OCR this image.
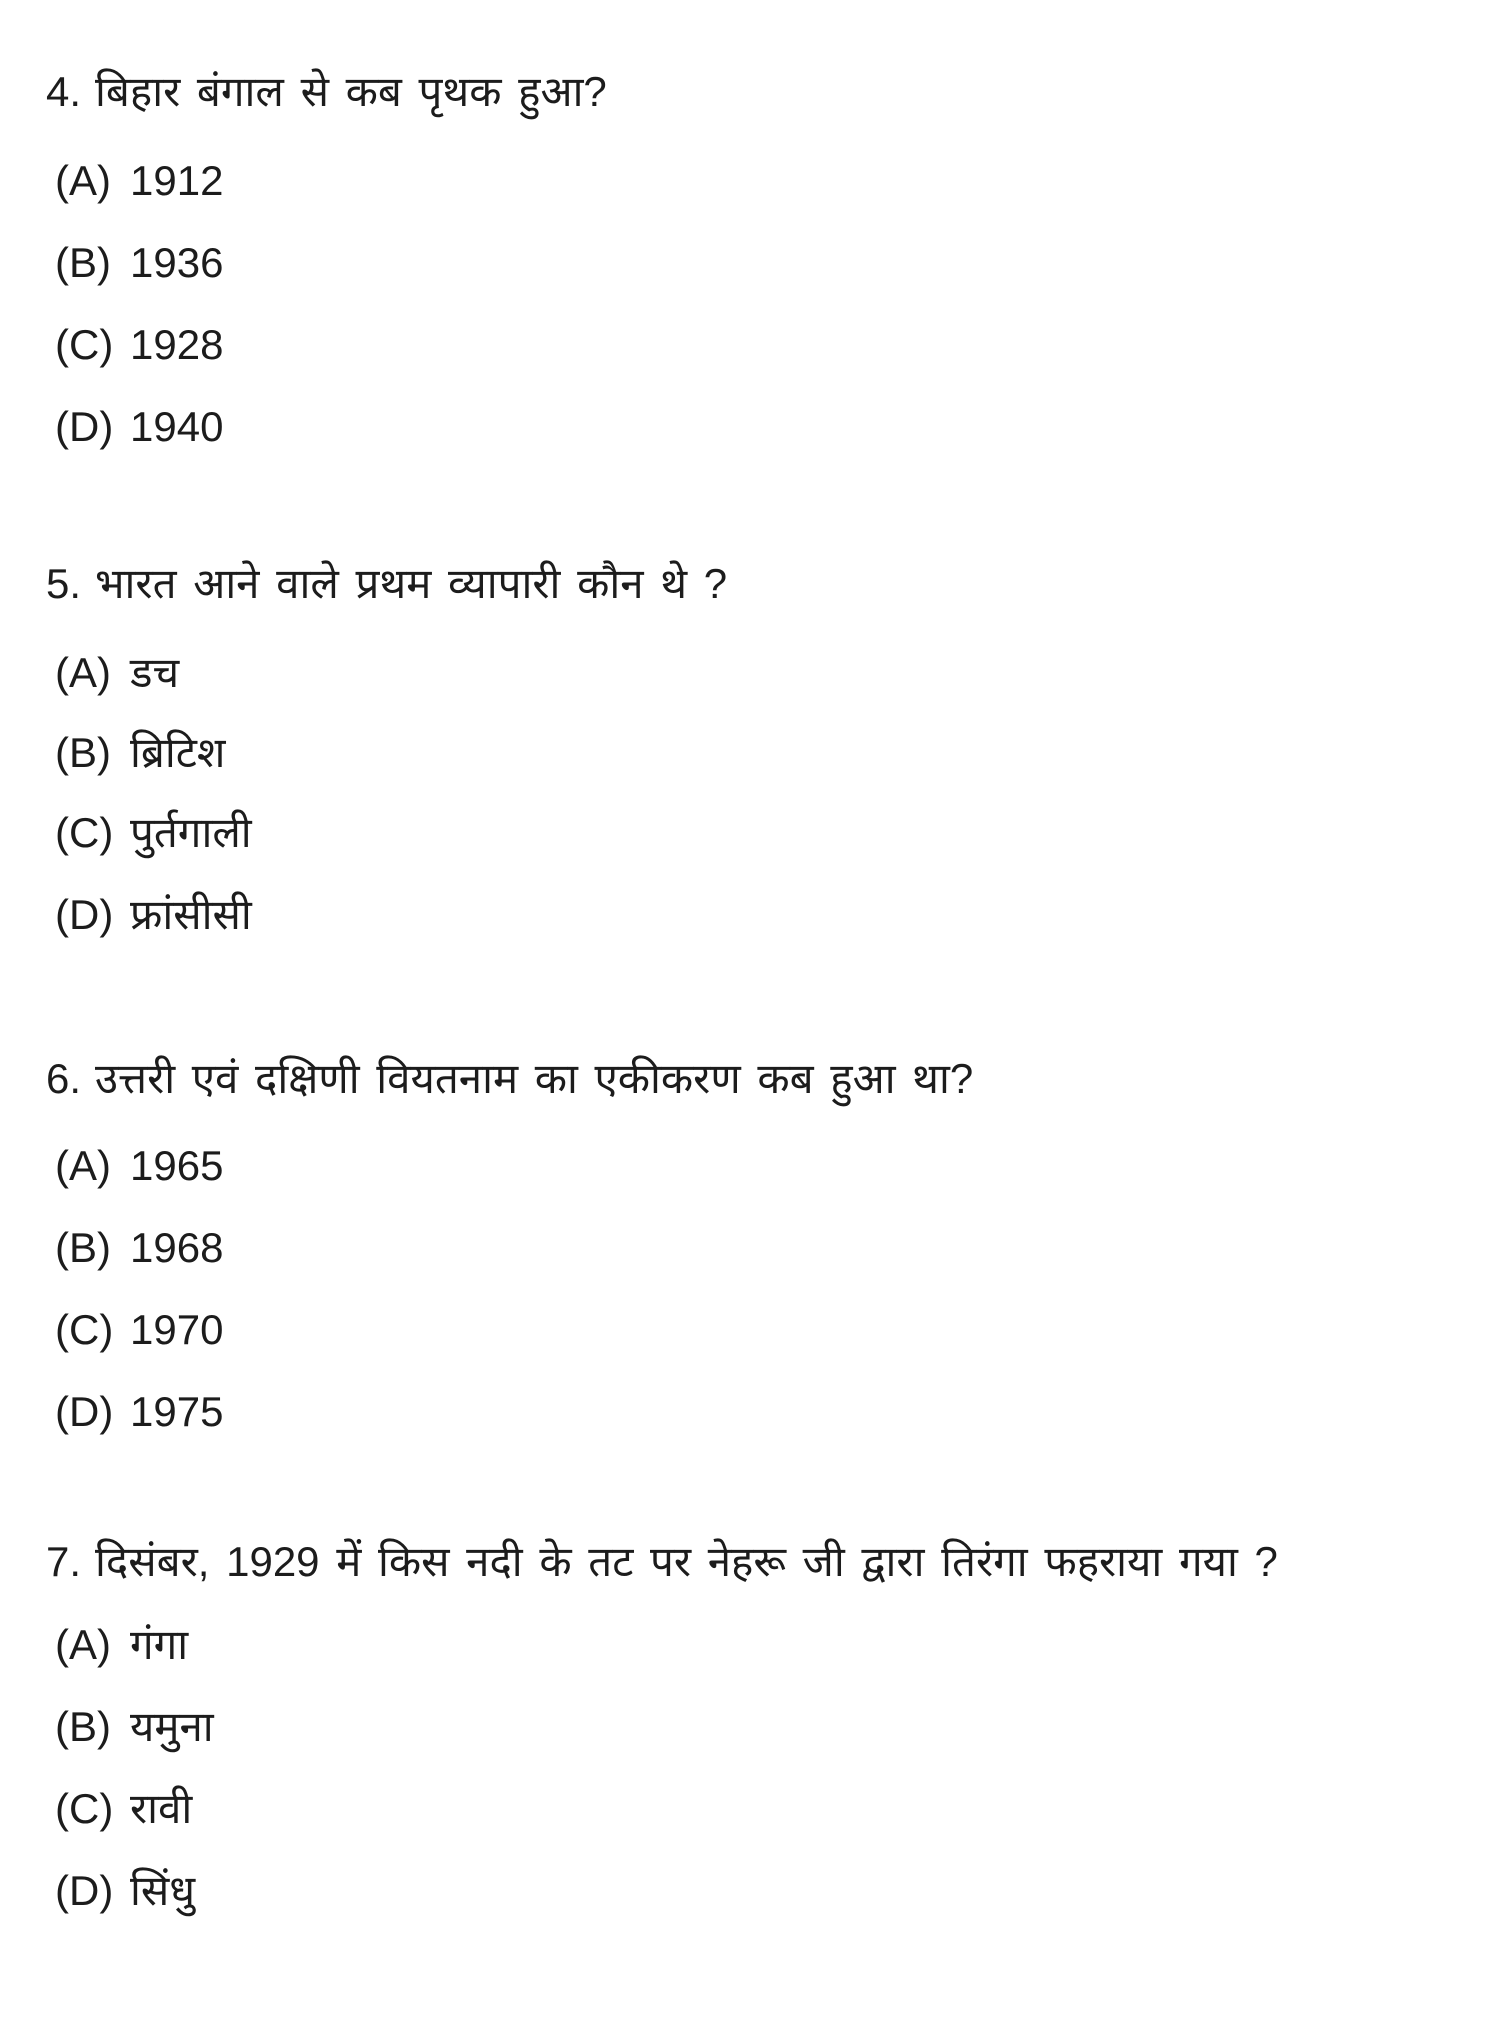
4. बिहार बंगाल से कब पृथक हुआ?
(A) 1912
(B) 1936
(C) 1928
(D) 1940
5. भारत आने वाले प्रथम व्यापारी कौन थे ?
(A) डच
(B) ब्रिटिश
(C) पुर्तगाली
(D) फ्रांसीसी
6. उत्तरी एवं दक्षिणी वियतनाम का एकीकरण कब हुआ था?
(A) 1965
(B) 1968
(C) 1970
(D) 1975
7. दिसंबर, 1929 में किस नदी के तट पर नेहरू जी द्वारा तिरंगा फहराया गया ?
(A) गंगा
(B) यमुना
(C) रावी
(D) सिंधु
